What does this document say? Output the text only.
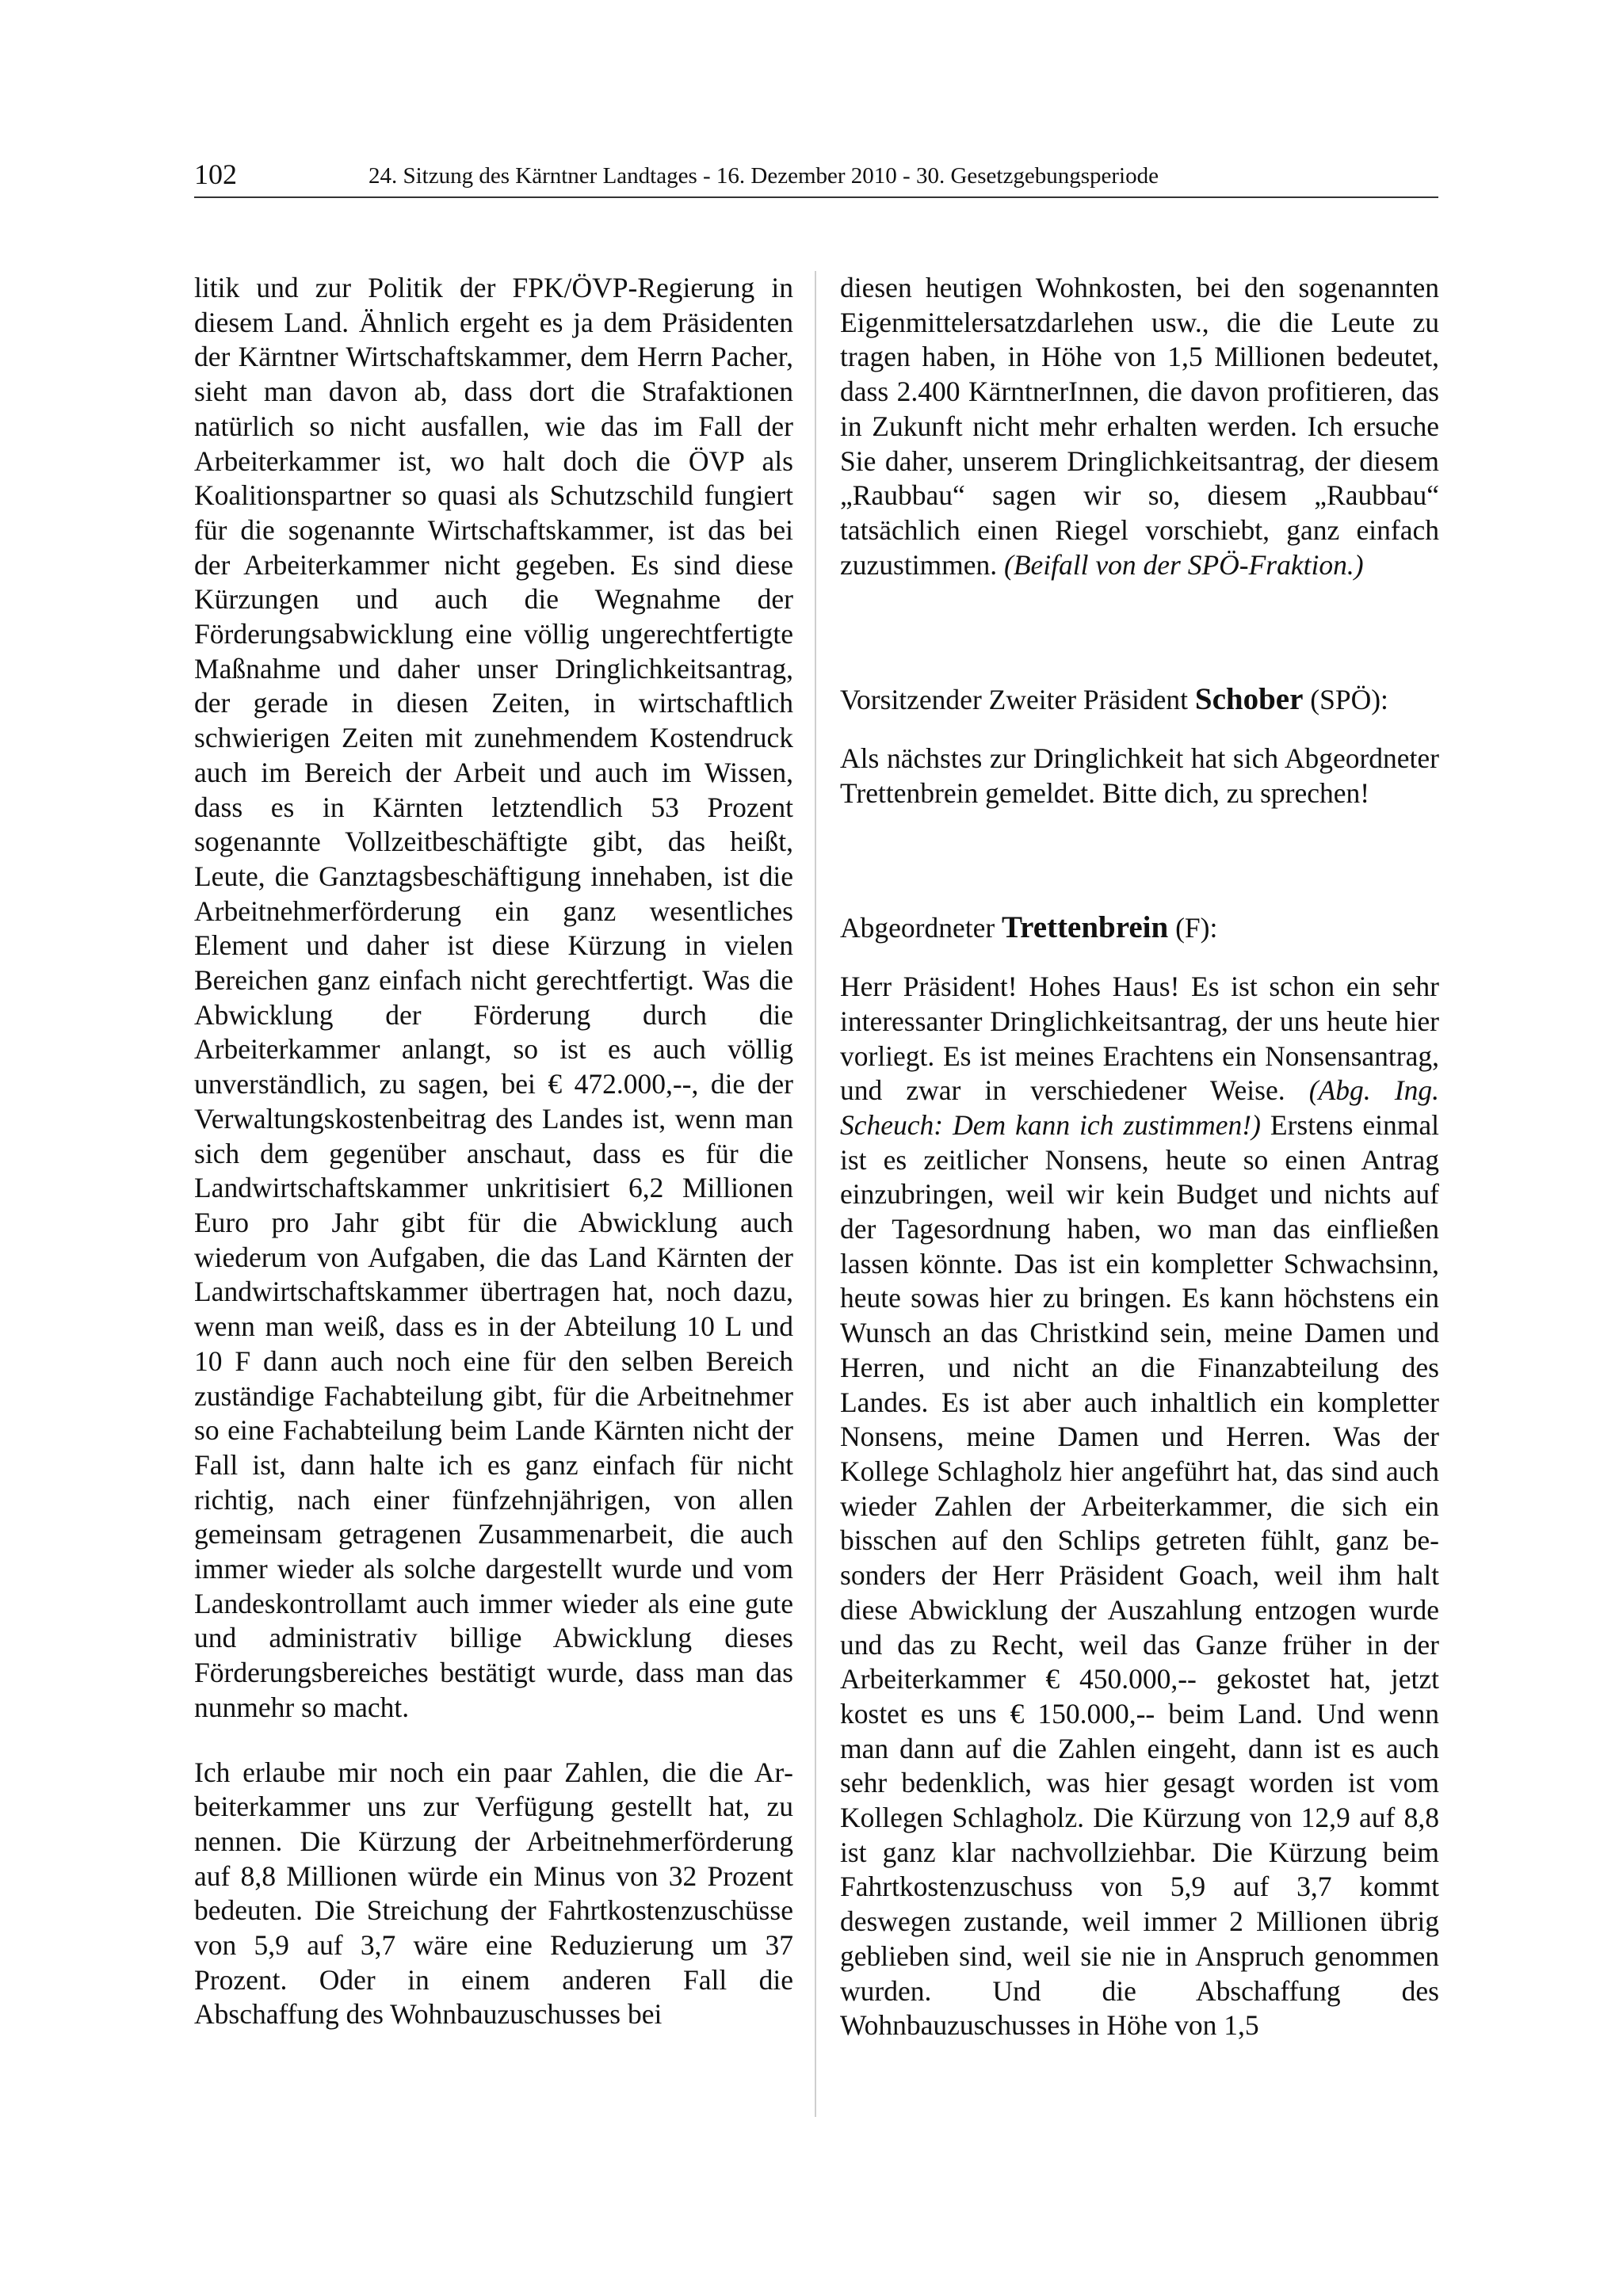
102	24. Sitzung des Kärntner Landtages - 16. Dezember 2010 - 30. Gesetzgebungsperiode

litik und zur Politik der FPK/ÖVP-Regierung in diesem Land. Ähnlich ergeht es ja dem Präsidenten der Kärntner Wirtschaftskammer, dem Herrn Pacher, sieht man davon ab, dass dort die Strafaktionen natürlich so nicht ausfallen, wie das im Fall der Arbeiterkammer ist, wo halt doch die ÖVP als Koalitionspartner so quasi als Schutzschild fungiert für die sogenannte Wirtschaftskammer, ist das bei der Arbeiterkammer nicht gegeben. Es sind diese Kürzungen und auch die Wegnahme der Förderungsabwicklung eine völlig ungerechtfertigte Maßnahme und daher unser Dringlichkeitsantrag, der gerade in diesen Zeiten, in wirtschaftlich schwierigen Zeiten mit zunehmendem Kostendruck auch im Bereich der Arbeit und auch im Wissen, dass es in Kärnten letztendlich 53 Prozent sogenannte Vollzeitbeschäftigte gibt, das heißt, Leute, die Ganztagsbeschäftigung innehaben, ist die Arbeitnehmerförderung ein ganz wesentliches Element und daher ist diese Kürzung in vielen Bereichen ganz einfach nicht gerechtfertigt. Was die Abwicklung der Förderung durch die Arbeiterkammer anlangt, so ist es auch völlig unverständlich, zu sagen, bei € 472.000,--, die der Verwaltungskostenbeitrag des Landes ist, wenn man sich dem gegenüber anschaut, dass es für die Landwirtschaftskammer unkritisiert 6,2 Millionen Euro pro Jahr gibt für die Abwicklung auch wiederum von Aufgaben, die das Land Kärnten der Landwirtschaftskammer übertragen hat, noch dazu, wenn man weiß, dass es in der Abteilung 10 L und 10 F dann auch noch eine für den selben Bereich zuständige Fachabteilung gibt, für die Arbeitnehmer so eine Fachabteilung beim Lande Kärnten nicht der Fall ist, dann halte ich es ganz einfach für nicht richtig, nach einer fünfzehnjährigen, von allen gemeinsam getragenen Zusammenarbeit, die auch immer wieder als solche dargestellt wurde und vom Landeskontrollamt auch immer wieder als eine gute und administrativ billige Abwicklung dieses Förderungsbereiches bestätigt wurde, dass man das nunmehr so macht.

Ich erlaube mir noch ein paar Zahlen, die die Arbeiterkammer uns zur Verfügung gestellt hat, zu nennen. Die Kürzung der Arbeitnehmerförderung auf 8,8 Millionen würde ein Minus von 32 Prozent bedeuten. Die Streichung der Fahrtkostenzuschüsse von 5,9 auf 3,7 wäre eine Reduzierung um 37 Prozent. Oder in einem anderen Fall die Abschaffung des Wohnbauzuschusses bei

diesen heutigen Wohnkosten, bei den sogenannten Eigenmittelersatzdarlehen usw., die die Leute zu tragen haben, in Höhe von 1,5 Millionen bedeutet, dass 2.400 KärntnerInnen, die davon profitieren, das in Zukunft nicht mehr erhalten werden. Ich ersuche Sie daher, unserem Dringlichkeitsantrag, der diesem „Raubbau“ sagen wir so, diesem „Raubbau“ tatsächlich einen Riegel vorschiebt, ganz einfach zuzustimmen. (Beifall von der SPÖ-Fraktion.)

Vorsitzender Zweiter Präsident Schober (SPÖ):

Als nächstes zur Dringlichkeit hat sich Abgeordneter Trettenbrein gemeldet. Bitte dich, zu sprechen!

Abgeordneter Trettenbrein (F):

Herr Präsident! Hohes Haus! Es ist schon ein sehr interessanter Dringlichkeitsantrag, der uns heute hier vorliegt. Es ist meines Erachtens ein Nonsensantrag, und zwar in verschiedener Weise. (Abg. Ing. Scheuch: Dem kann ich zustimmen!) Erstens einmal ist es zeitlicher Nonsens, heute so einen Antrag einzubringen, weil wir kein Budget und nichts auf der Tagesordnung haben, wo man das einfließen lassen könnte. Das ist ein kompletter Schwachsinn, heute sowas hier zu bringen. Es kann höchstens ein Wunsch an das Christkind sein, meine Damen und Herren, und nicht an die Finanzabteilung des Landes. Es ist aber auch inhaltlich ein kompletter Nonsens, meine Damen und Herren. Was der Kollege Schlagholz hier angeführt hat, das sind auch wieder Zahlen der Arbeiterkammer, die sich ein bisschen auf den Schlips getreten fühlt, ganz besonders der Herr Präsident Goach, weil ihm halt diese Abwicklung der Auszahlung entzogen wurde und das zu Recht, weil das Ganze früher in der Arbeiterkammer € 450.000,-- gekostet hat, jetzt kostet es uns € 150.000,-- beim Land. Und wenn man dann auf die Zahlen eingeht, dann ist es auch sehr bedenklich, was hier gesagt worden ist vom Kollegen Schlagholz. Die Kürzung von 12,9 auf 8,8 ist ganz klar nachvollziehbar. Die Kürzung beim Fahrtkostenzuschuss von 5,9 auf 3,7 kommt deswegen zustande, weil immer 2 Millionen übrig geblieben sind, weil sie nie in Anspruch genommen wurden. Und die Abschaffung des Wohnbauzuschusses in Höhe von 1,5
